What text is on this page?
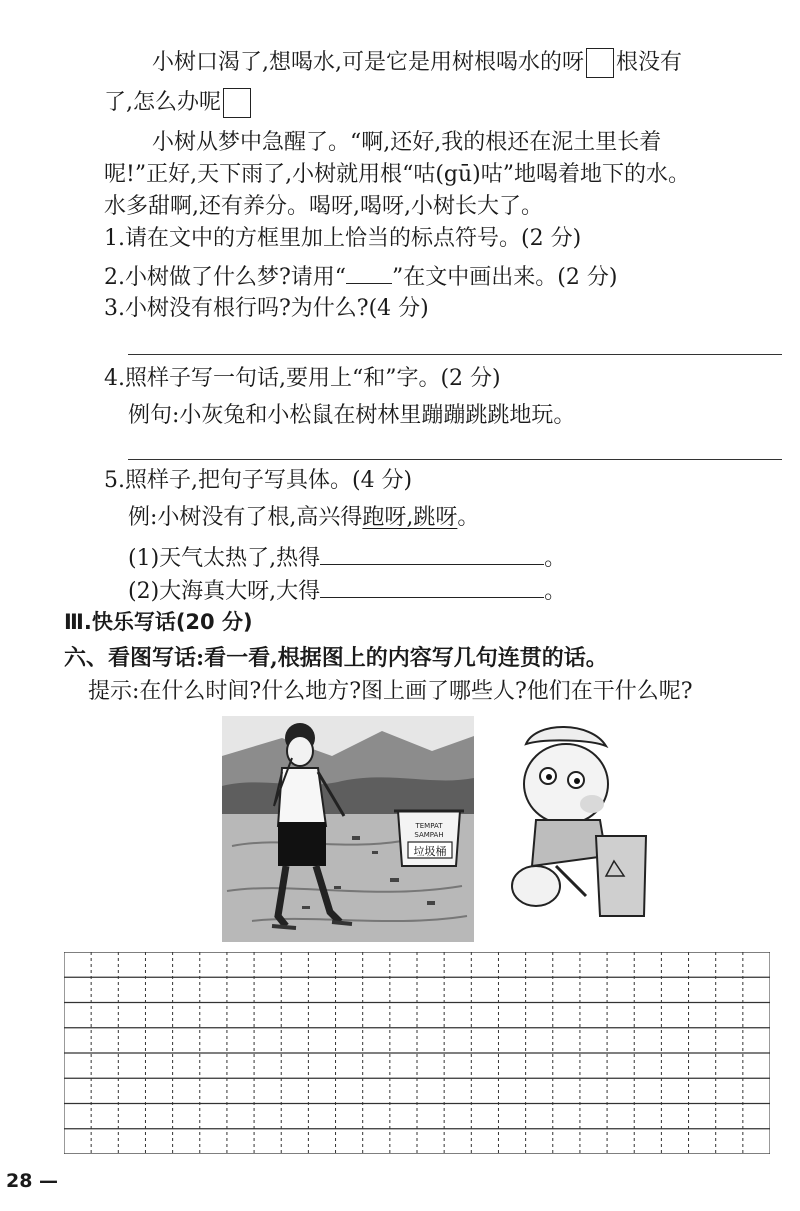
小树口渴了,想喝水,可是它是用树根喝水的呀 根没有
了,怎么办呢
小树从梦中急醒了。“啊,还好,我的根还在泥土里长着
呢!”正好,天下雨了,小树就用根“咕(gū)咕”地喝着地下的水。
水多甜啊,还有养分。喝呀,喝呀,小树长大了。
1.请在文中的方框里加上恰当的标点符号。(2 分)
2.小树做了什么梦?请用“ ”在文中画出来。(2 分)
3.小树没有根行吗?为什么?(4 分)
4.照样子写一句话,要用上“和”字。(2 分)
例句:小灰兔和小松鼠在树林里蹦蹦跳跳地玩。
5.照样子,把句子写具体。(4 分)
例:小树没有了根,高兴得跑呀,跳呀。
(1)天气太热了,热得	。
(2)大海真大呀,大得	。
Ⅲ.快乐写话(20 分)
六、看图写话:看一看,根据图上的内容写几句连贯的话。
提示:在什么时间?什么地方?图上画了哪些人?他们在干什么呢?
TEMPAT
SAMPAH
垃圾桶
28 —
